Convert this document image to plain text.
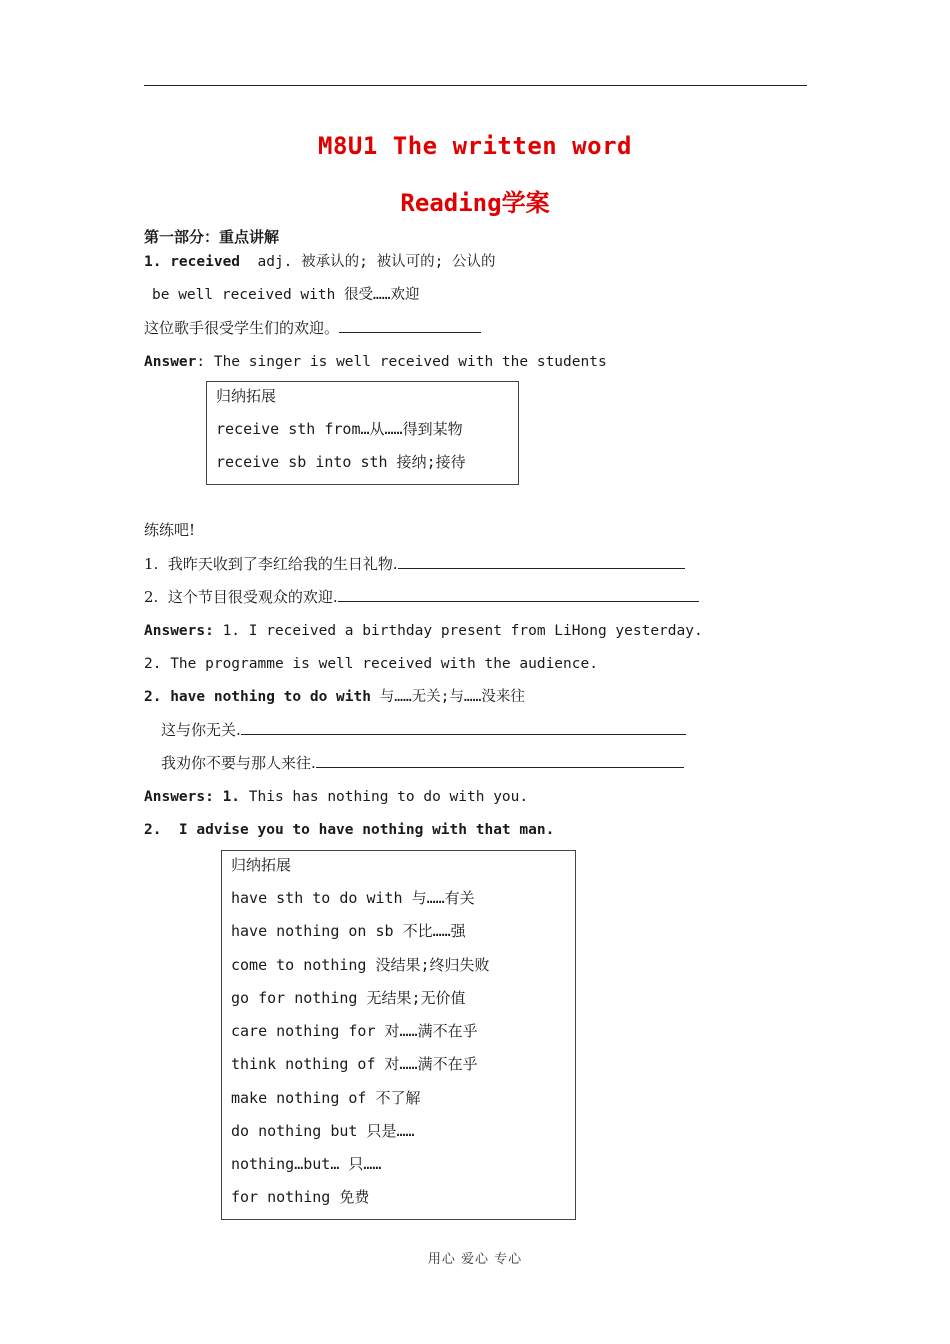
M8U1 The written word
Reading学案
第一部分：重点讲解
1. received  adj. 被承认的; 被认可的; 公认的
be well received with 很受……欢迎
这位歌手很受学生们的欢迎。
Answer: The singer is well received with the students
归纳拓展
receive sth from…从……得到某物
receive sb into sth 接纳;接待
练练吧!
1.  我昨天收到了李红给我的生日礼物.
2.  这个节目很受观众的欢迎.
Answers: 1. I received a birthday present from LiHong yesterday.
2. The programme is well received with the audience.
2. have nothing to do with 与……无关;与……没来往
这与你无关.
我劝你不要与那人来往.
Answers: 1. This has nothing to do with you.
2.  I advise you to have nothing with that man.
归纳拓展
have sth to do with 与……有关
have nothing on sb 不比……强
come to nothing 没结果;终归失败
go for nothing 无结果;无价值
care nothing for 对……满不在乎
think nothing of 对……满不在乎
make nothing of 不了解
do nothing but 只是……
nothing…but… 只……
for nothing 免费
用心 爱心 专心
